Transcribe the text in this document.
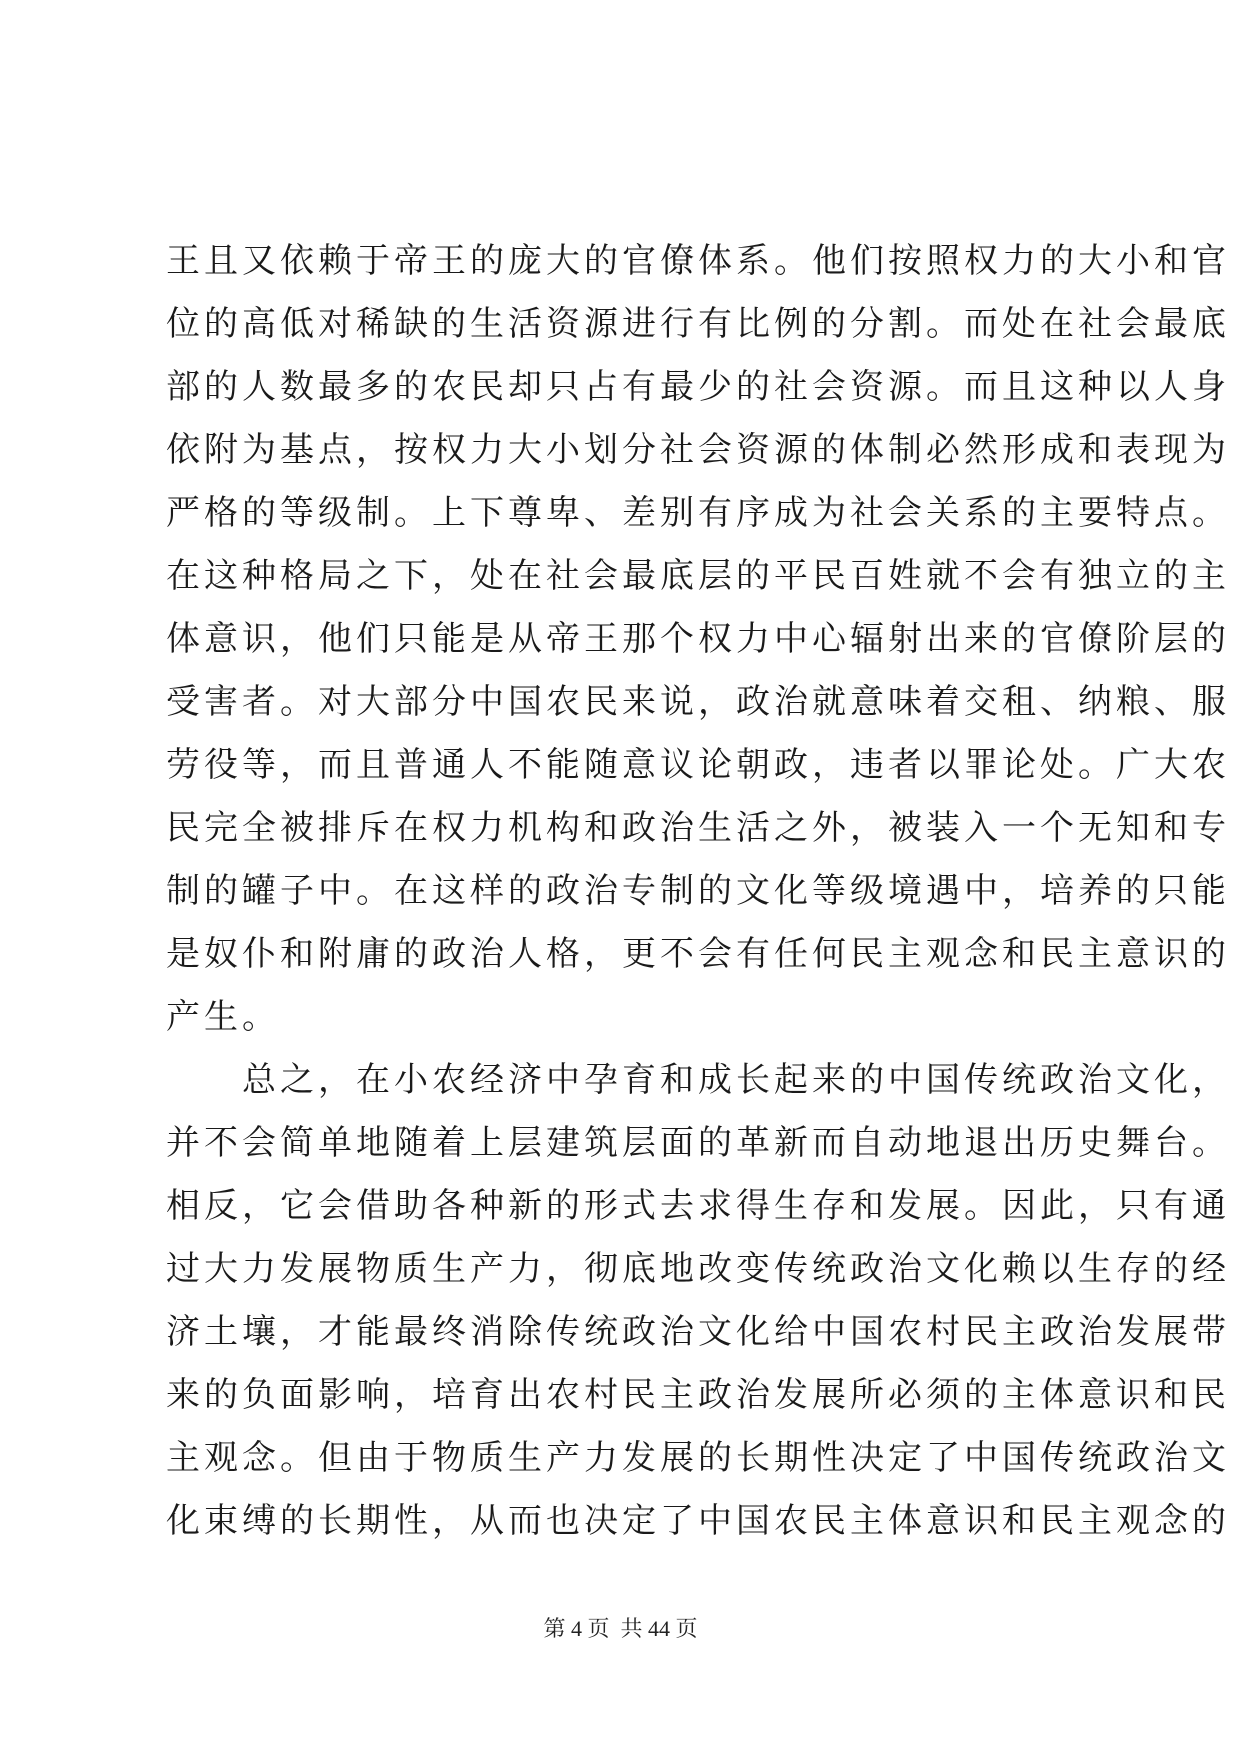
王且又依赖于帝王的庞大的官僚体系。他们按照权力的大小和官
位的高低对稀缺的生活资源进行有比例的分割。而处在社会最底
部的人数最多的农民却只占有最少的社会资源。而且这种以人身
依附为基点，按权力大小划分社会资源的体制必然形成和表现为
严格的等级制。上下尊卑、差别有序成为社会关系的主要特点。
在这种格局之下，处在社会最底层的平民百姓就不会有独立的主
体意识，他们只能是从帝王那个权力中心辐射出来的官僚阶层的
受害者。对大部分中国农民来说，政治就意味着交租、纳粮、服
劳役等，而且普通人不能随意议论朝政，违者以罪论处。广大农
民完全被排斥在权力机构和政治生活之外，被装入一个无知和专
制的罐子中。在这样的政治专制的文化等级境遇中，培养的只能
是奴仆和附庸的政治人格，更不会有任何民主观念和民主意识的
产生。
总之，在小农经济中孕育和成长起来的中国传统政治文化，
并不会简单地随着上层建筑层面的革新而自动地退出历史舞台。
相反，它会借助各种新的形式去求得生存和发展。因此，只有通
过大力发展物质生产力，彻底地改变传统政治文化赖以生存的经
济土壤，才能最终消除传统政治文化给中国农村民主政治发展带
来的负面影响，培育出农村民主政治发展所必须的主体意识和民
主观念。但由于物质生产力发展的长期性决定了中国传统政治文
化束缚的长期性，从而也决定了中国农民主体意识和民主观念的
第 4 页  共 44 页
